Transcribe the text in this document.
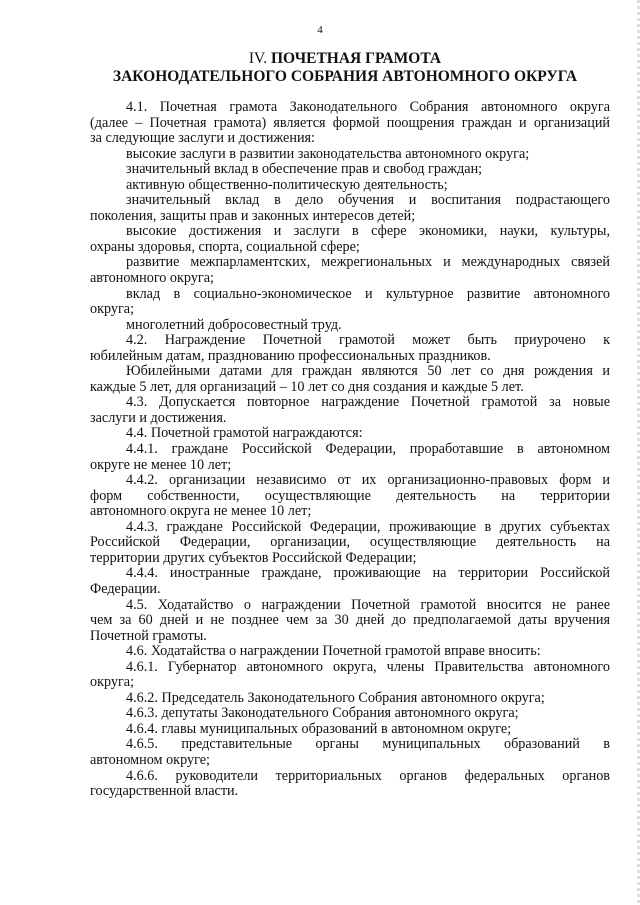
4
IV. ПОЧЕТНАЯ ГРАМОТА
ЗАКОНОДАТЕЛЬНОГО СОБРАНИЯ АВТОНОМНОГО ОКРУГА
4.1. Почетная грамота Законодательного Собрания автономного округа
(далее – Почетная грамота) является формой поощрения граждан и организаций
за следующие заслуги и достижения:
высокие заслуги в развитии законодательства автономного округа;
значительный вклад в обеспечение прав и свобод граждан;
активную общественно-политическую деятельность;
значительный вклад в дело обучения и воспитания подрастающего
поколения, защиты прав и законных интересов детей;
высокие достижения и заслуги в сфере экономики, науки, культуры,
охраны здоровья, спорта, социальной сфере;
развитие межпарламентских, межрегиональных и международных связей
автономного округа;
вклад в социально-экономическое и культурное развитие автономного
округа;
многолетний добросовестный труд.
4.2. Награждение Почетной грамотой может быть приурочено к
юбилейным датам, празднованию профессиональных праздников.
Юбилейными датами для граждан являются 50 лет со дня рождения и
каждые 5 лет, для организаций – 10 лет со дня создания и каждые 5 лет.
4.3. Допускается повторное награждение Почетной грамотой за новые
заслуги и достижения.
4.4. Почетной грамотой награждаются:
4.4.1. граждане Российской Федерации, проработавшие в автономном
округе не менее 10 лет;
4.4.2. организации независимо от их организационно-правовых форм и
форм собственности, осуществляющие деятельность на территории
автономного округа не менее 10 лет;
4.4.3. граждане Российской Федерации, проживающие в других субъектах
Российской Федерации, организации, осуществляющие деятельность на
территории других субъектов Российской Федерации;
4.4.4. иностранные граждане, проживающие на территории Российской
Федерации.
4.5. Ходатайство о награждении Почетной грамотой вносится не ранее
чем за 60 дней и не позднее чем за 30 дней до предполагаемой даты вручения
Почетной грамоты.
4.6. Ходатайства о награждении Почетной грамотой вправе вносить:
4.6.1. Губернатор автономного округа, члены Правительства автономного
округа;
4.6.2. Председатель Законодательного Собрания автономного округа;
4.6.3. депутаты Законодательного Собрания автономного округа;
4.6.4. главы муниципальных образований в автономном округе;
4.6.5. представительные органы муниципальных образований в
автономном округе;
4.6.6. руководители территориальных органов федеральных органов
государственной власти.
